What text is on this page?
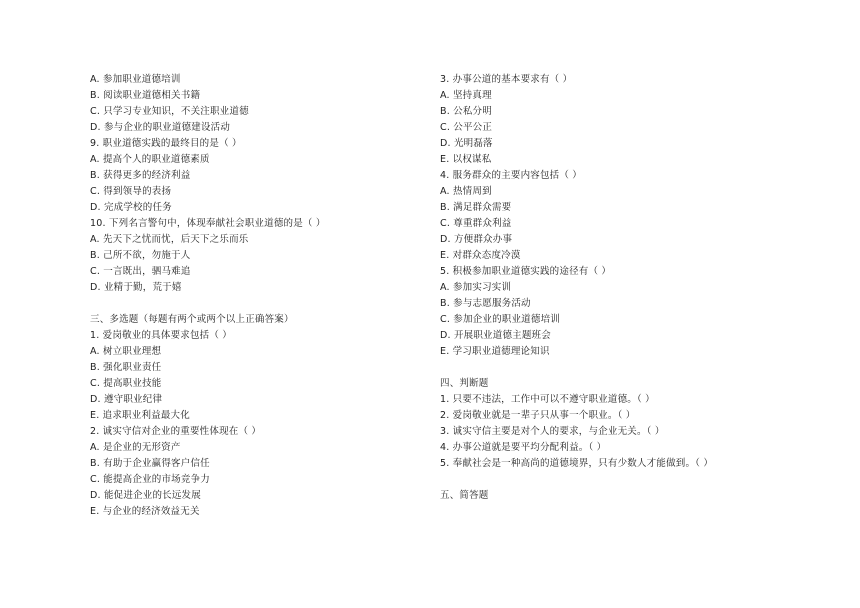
A. 参加职业道德培训
B. 阅读职业道德相关书籍
C. 只学习专业知识，不关注职业道德
D. 参与企业的职业道德建设活动
9. 职业道德实践的最终目的是（ ）
A. 提高个人的职业道德素质
B. 获得更多的经济利益
C. 得到领导的表扬
D. 完成学校的任务
10. 下列名言警句中，体现奉献社会职业道德的是（ ）
A. 先天下之忧而忧，后天下之乐而乐
B. 己所不欲，勿施于人
C. 一言既出，驷马难追
D. 业精于勤，荒于嬉
三、多选题（每题有两个或两个以上正确答案）
1. 爱岗敬业的具体要求包括（ ）
A. 树立职业理想
B. 强化职业责任
C. 提高职业技能
D. 遵守职业纪律
E. 追求职业利益最大化
2. 诚实守信对企业的重要性体现在（ ）
A. 是企业的无形资产
B. 有助于企业赢得客户信任
C. 能提高企业的市场竞争力
D. 能促进企业的长远发展
E. 与企业的经济效益无关
3. 办事公道的基本要求有（ ）
A. 坚持真理
B. 公私分明
C. 公平公正
D. 光明磊落
E. 以权谋私
4. 服务群众的主要内容包括（ ）
A. 热情周到
B. 满足群众需要
C. 尊重群众利益
D. 方便群众办事
E. 对群众态度冷漠
5. 积极参加职业道德实践的途径有（ ）
A. 参加实习实训
B. 参与志愿服务活动
C. 参加企业的职业道德培训
D. 开展职业道德主题班会
E. 学习职业道德理论知识
四、判断题
1. 只要不违法，工作中可以不遵守职业道德。（ ）
2. 爱岗敬业就是一辈子只从事一个职业。（ ）
3. 诚实守信主要是对个人的要求，与企业无关。（ ）
4. 办事公道就是要平均分配利益。（ ）
5. 奉献社会是一种高尚的道德境界，只有少数人才能做到。（ ）
五、简答题
